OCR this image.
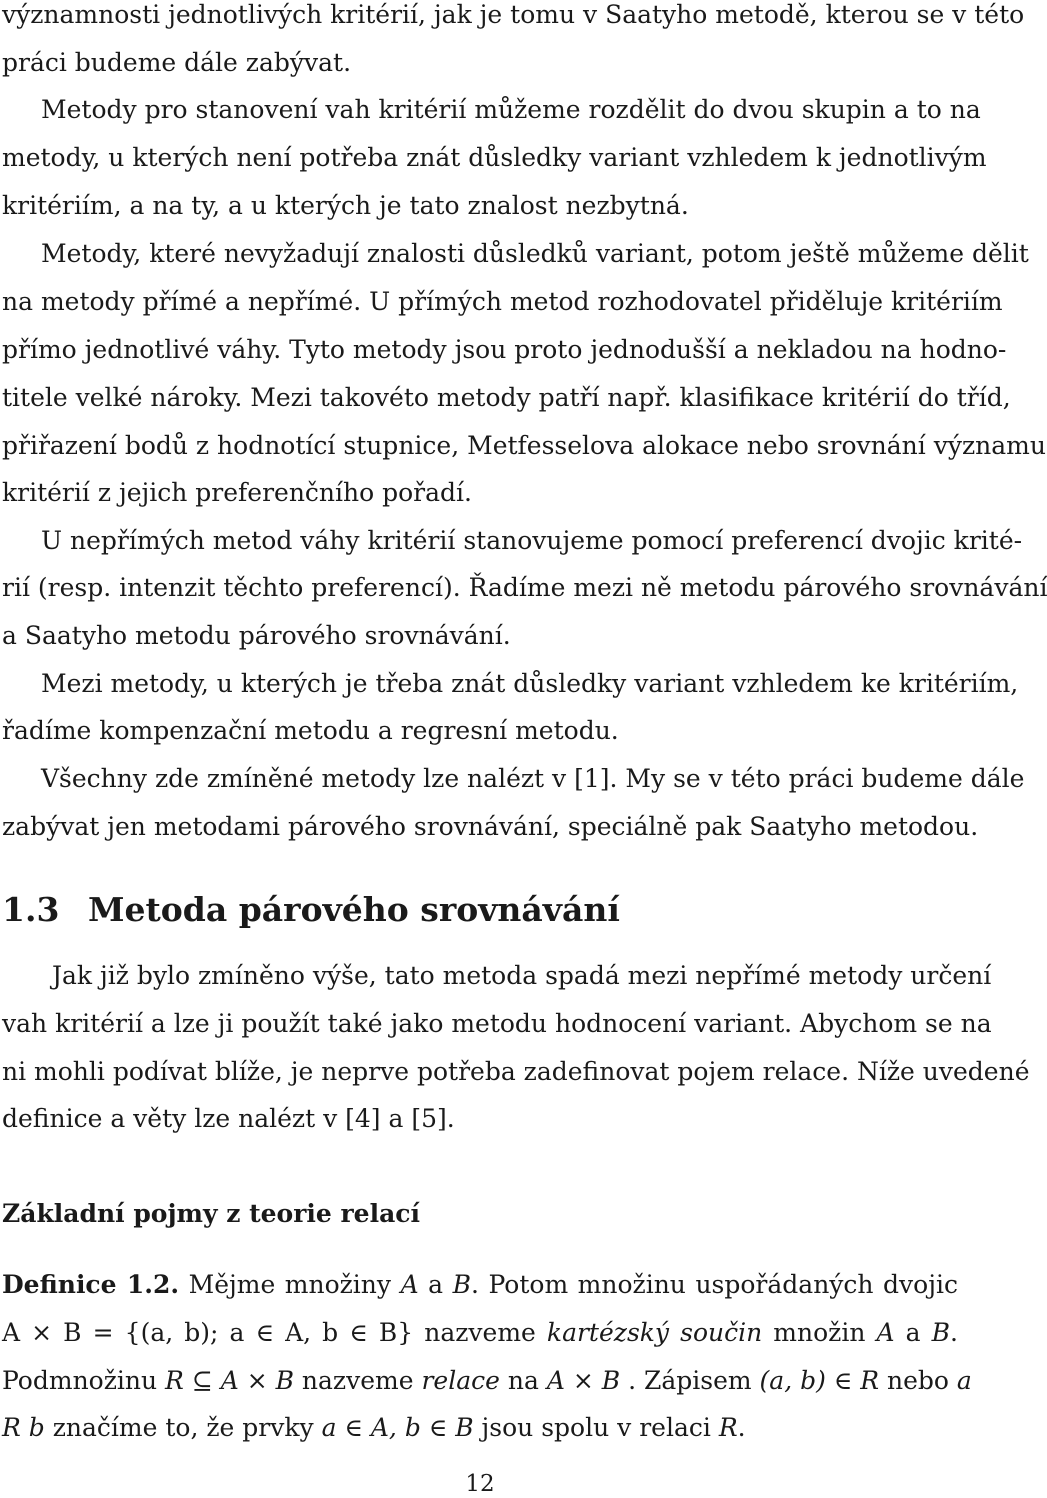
významnosti jednotlivých kritérií, jak je tomu v Saatyho metodě, kterou se v této
práci budeme dále zabývat.
Metody pro stanovení vah kritérií můžeme rozdělit do dvou skupin a to na
metody, u kterých není potřeba znát důsledky variant vzhledem k jednotlivým
kritériím, a na ty, a u kterých je tato znalost nezbytná.
Metody, které nevyžadují znalosti důsledků variant, potom ještě můžeme dělit
na metody přímé a nepřímé. U přímých metod rozhodovatel přiděluje kritériím
přímo jednotlivé váhy. Tyto metody jsou proto jednodušší a nekladou na hodno-
titele velké nároky. Mezi takovéto metody patří např. klasifikace kritérií do tříd,
přiřazení bodů z hodnotící stupnice, Metfesselova alokace nebo srovnání významu
kritérií z jejich preferenčního pořadí.
U nepřímých metod váhy kritérií stanovujeme pomocí preferencí dvojic krité-
rií (resp. intenzit těchto preferencí). Řadíme mezi ně metodu párového srovnávání
a Saatyho metodu párového srovnávání.
Mezi metody, u kterých je třeba znát důsledky variant vzhledem ke kritériím,
řadíme kompenzační metodu a regresní metodu.
Všechny zde zmíněné metody lze nalézt v [1]. My se v této práci budeme dále
zabývat jen metodami párového srovnávání, speciálně pak Saatyho metodou.
1.3 Metoda párového srovnávání
Jak již bylo zmíněno výše, tato metoda spadá mezi nepřímé metody určení
vah kritérií a lze ji použít také jako metodu hodnocení variant. Abychom se na
ni mohli podívat blíže, je neprve potřeba zadefinovat pojem relace. Níže uvedené
definice a věty lze nalézt v [4] a [5].
Základní pojmy z teorie relací
Definice 1.2. Mějme množiny A a B. Potom množinu uspořádaných dvojic
A × B = {(a, b); a ∈ A, b ∈ B} nazveme kartézský součin množin A a B.
Podmnožinu R ⊆ A × B nazveme relace na A × B . Zápisem (a, b) ∈ R nebo a
R b značíme to, že prvky a ∈ A, b ∈ B jsou spolu v relaci R.
12
